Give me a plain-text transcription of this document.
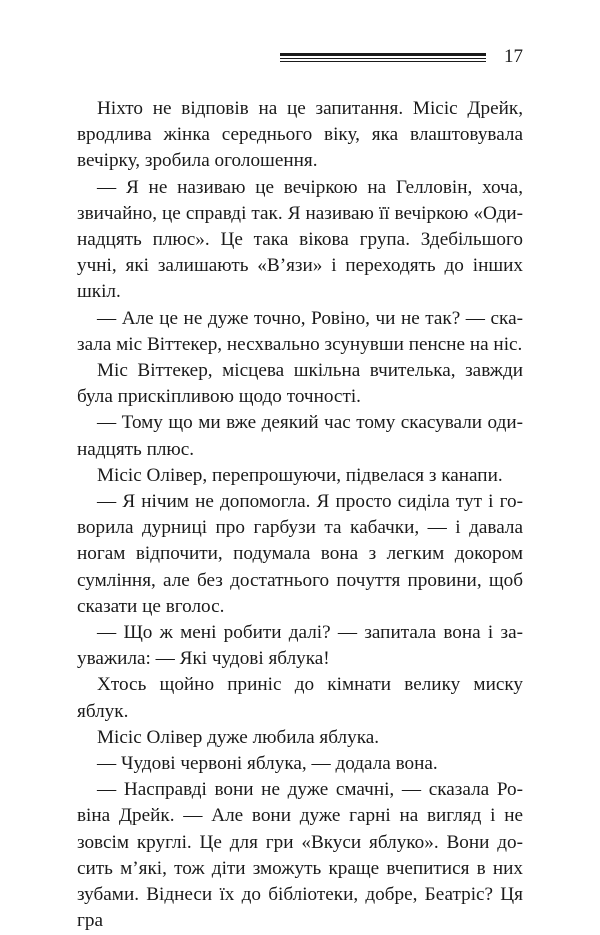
17

Ніхто не відповів на це запитання. Місіс Дрейк, вродлива жінка середнього віку, яка влаштовувала вечірку, зробила оголошення.

— Я не називаю це вечіркою на Гелловін, хоча, звичайно, це справді так. Я називаю її вечіркою «Одинадцять плюс». Це така вікова група. Здебільшого учні, які залишають «В’язи» і переходять до інших шкіл.

— Але це не дуже точно, Ровіно, чи не так? — сказала міс Віттекер, несхвально зсунувши пенсне на ніс.

Міс Віттекер, місцева шкільна вчителька, завжди була прискіпливою щодо точності.

— Тому що ми вже деякий час тому скасували одинадцять плюс.

Місіс Олівер, перепрошуючи, підвелася з канапи.

— Я нічим не допомогла. Я просто сиділа тут і говорила дурниці про гарбузи та кабачки, — і давала ногам відпочити, подумала вона з легким докором сумління, але без достатнього почуття провини, щоб сказати це вголос.

— Що ж мені робити далі? — запитала вона і зауважила: — Які чудові яблука!

Хтось щойно приніс до кімнати велику миску яблук.

Місіс Олівер дуже любила яблука.

— Чудові червоні яблука, — додала вона.

— Насправді вони не дуже смачні, — сказала Ровіна Дрейк. — Але вони дуже гарні на вигляд і не зовсім круглі. Це для гри «Вкуси яблуко». Вони досить м’які, тож діти зможуть краще вчепитися в них зубами. Віднеси їх до бібліотеки, добре, Беатріс? Ця гра
